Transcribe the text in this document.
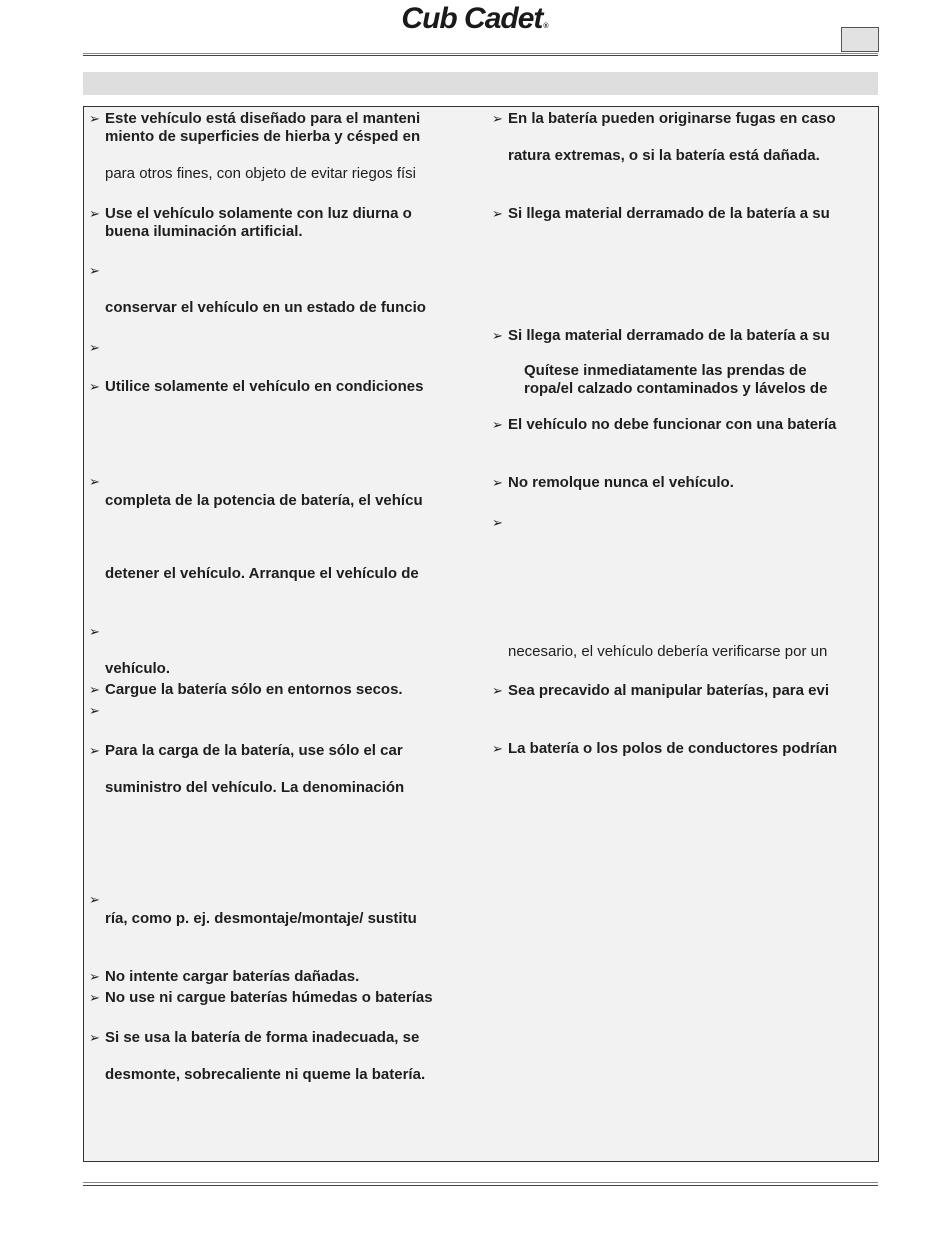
Cub Cadet®
➢
➢
➢
➢
➢
➢
➢
➢
➢
➢
➢
➢
➢
➢
Este vehículo está diseñado para el manteni
miento de superficies de hierba y césped en
para otros fines, con objeto de evitar riegos físi
Use el vehículo solamente con luz diurna o
buena iluminación artificial.
conservar el vehículo en un estado de funcio
Utilice solamente el vehículo en condiciones
completa de la potencia de batería, el vehícu
detener el vehículo. Arranque el vehículo de
vehículo.
Cargue la batería sólo en entornos secos.
Para la carga de la batería, use sólo el car
suministro del vehículo. La denominación
ría, como p. ej. desmontaje/montaje/ sustitu
No intente cargar baterías dañadas.
No use ni cargue baterías húmedas o baterías
Si se usa la batería de forma inadecuada, se
desmonte, sobrecaliente ni queme la batería.
➢
➢
➢
➢
➢
➢
➢
➢
En la batería pueden originarse fugas en caso
ratura extremas, o si la batería está dañada.
Si llega material derramado de la batería a su
Si llega material derramado de la batería a su
Quítese inmediatamente las prendas de
ropa/el calzado contaminados y lávelos de
El vehículo no debe funcionar con una batería
No remolque nunca el vehículo.
necesario, el vehículo debería verificarse por un
Sea precavido al manipular baterías, para evi
La batería o los polos de conductores podrían
